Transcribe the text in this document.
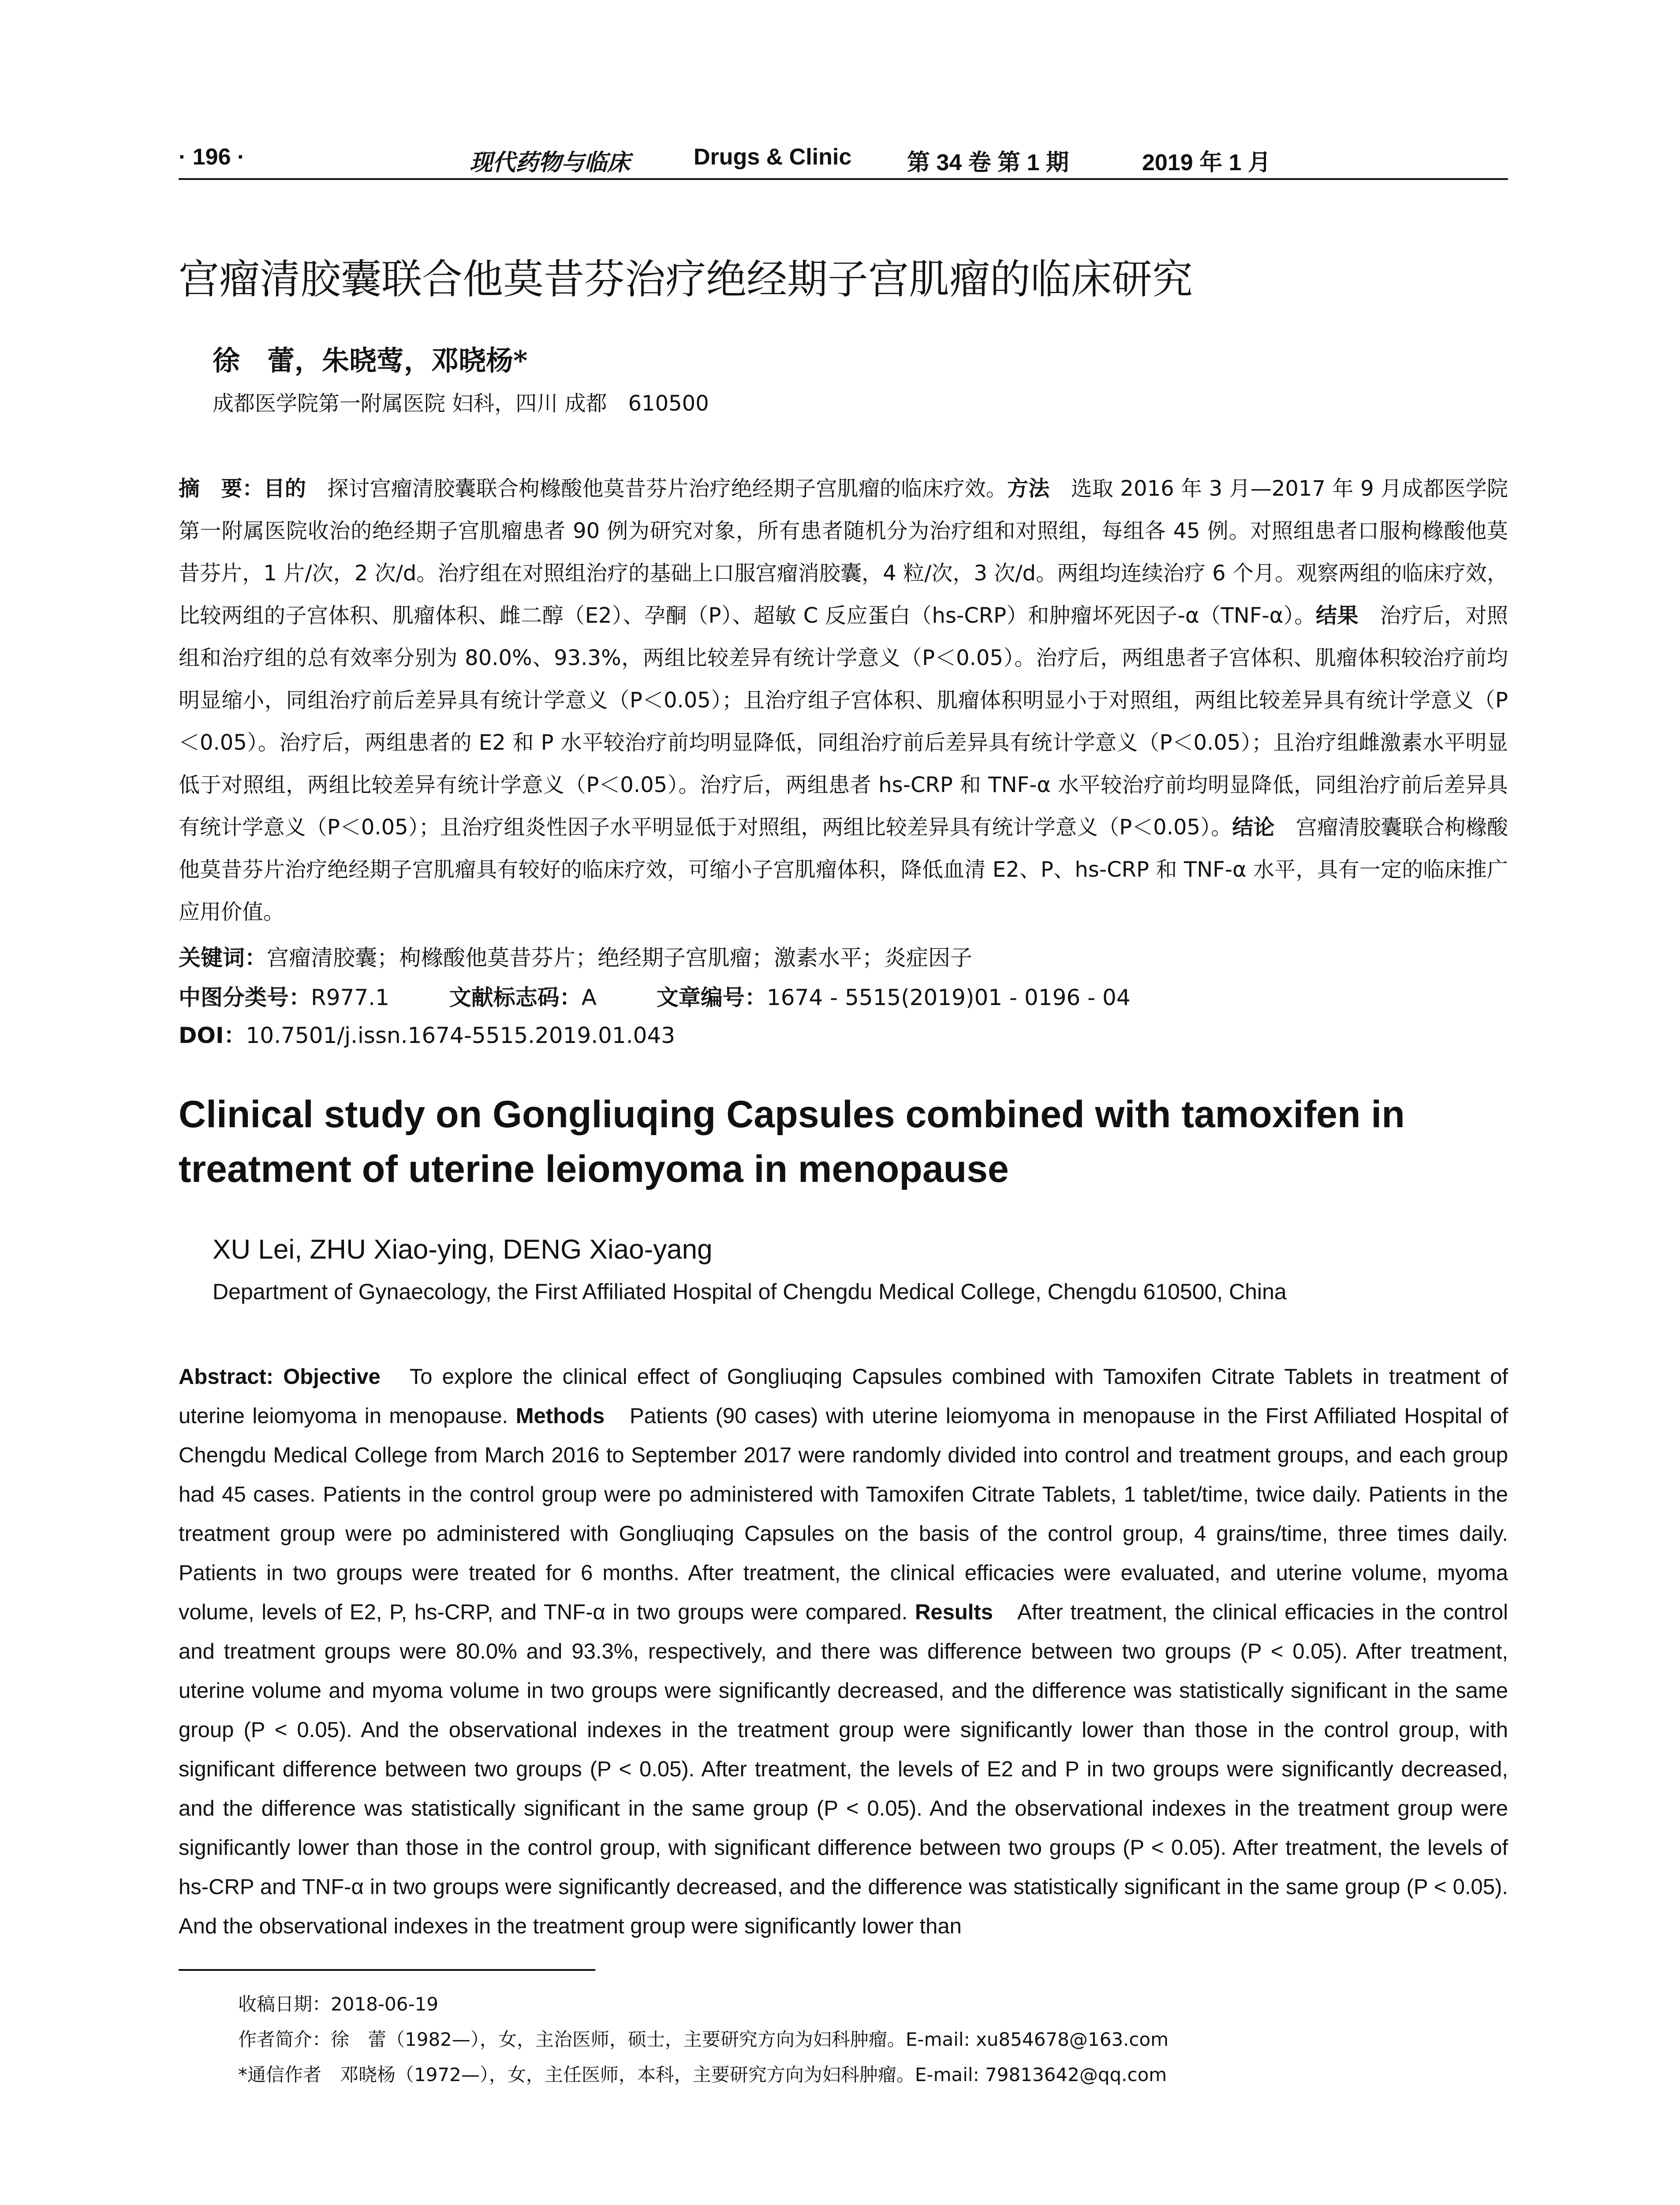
· 196 ·	现代药物与临床	Drugs & Clinic 第 34 卷 第 1 期	2019 年 1 月
宫瘤清胶囊联合他莫昔芬治疗绝经期子宫肌瘤的临床研究
徐　蕾，朱晓莺，邓晓杨*
成都医学院第一附属医院 妇科，四川 成都　610500
摘　要：目的　探讨宫瘤清胶囊联合枸橼酸他莫昔芬片治疗绝经期子宫肌瘤的临床疗效。方法　选取 2016 年 3 月—2017 年 9 月成都医学院第一附属医院收治的绝经期子宫肌瘤患者 90 例为研究对象，所有患者随机分为治疗组和对照组，每组各 45 例。对照组患者口服枸橼酸他莫昔芬片，1 片/次，2 次/d。治疗组在对照组治疗的基础上口服宫瘤消胶囊，4 粒/次，3 次/d。两组均连续治疗 6 个月。观察两组的临床疗效，比较两组的子宫体积、肌瘤体积、雌二醇（E2）、孕酮（P）、超敏 C 反应蛋白（hs-CRP）和肿瘤坏死因子-α（TNF-α）。结果　治疗后，对照组和治疗组的总有效率分别为 80.0%、93.3%，两组比较差异有统计学意义（P＜0.05）。治疗后，两组患者子宫体积、肌瘤体积较治疗前均明显缩小，同组治疗前后差异具有统计学意义（P＜0.05）；且治疗组子宫体积、肌瘤体积明显小于对照组，两组比较差异具有统计学意义（P＜0.05）。治疗后，两组患者的 E2 和 P 水平较治疗前均明显降低，同组治疗前后差异具有统计学意义（P＜0.05）；且治疗组雌激素水平明显低于对照组，两组比较差异有统计学意义（P＜0.05）。治疗后，两组患者 hs-CRP 和 TNF-α 水平较治疗前均明显降低，同组治疗前后差异具有统计学意义（P＜0.05）；且治疗组炎性因子水平明显低于对照组，两组比较差异具有统计学意义（P＜0.05）。结论　宫瘤清胶囊联合枸橼酸他莫昔芬片治疗绝经期子宫肌瘤具有较好的临床疗效，可缩小子宫肌瘤体积，降低血清 E2、P、hs-CRP 和 TNF-α 水平，具有一定的临床推广应用价值。
关键词：宫瘤清胶囊；枸橼酸他莫昔芬片；绝经期子宫肌瘤；激素水平；炎症因子
中图分类号：R977.1	文献标志码：A	文章编号：1674 - 5515(2019)01 - 0196 - 04
DOI：10.7501/j.issn.1674-5515.2019.01.043
Clinical study on Gongliuqing Capsules combined with tamoxifen in treatment of uterine leiomyoma in menopause
XU Lei, ZHU Xiao-ying, DENG Xiao-yang
Department of Gynaecology, the First Affiliated Hospital of Chengdu Medical College, Chengdu 610500, China
Abstract: Objective　To explore the clinical effect of Gongliuqing Capsules combined with Tamoxifen Citrate Tablets in treatment of uterine leiomyoma in menopause. Methods　Patients (90 cases) with uterine leiomyoma in menopause in the First Affiliated Hospital of Chengdu Medical College from March 2016 to September 2017 were randomly divided into control and treatment groups, and each group had 45 cases. Patients in the control group were po administered with Tamoxifen Citrate Tablets, 1 tablet/time, twice daily. Patients in the treatment group were po administered with Gongliuqing Capsules on the basis of the control group, 4 grains/time, three times daily. Patients in two groups were treated for 6 months. After treatment, the clinical efficacies were evaluated, and uterine volume, myoma volume, levels of E2, P, hs-CRP, and TNF-α in two groups were compared. Results　After treatment, the clinical efficacies in the control and treatment groups were 80.0% and 93.3%, respectively, and there was difference between two groups (P < 0.05). After treatment, uterine volume and myoma volume in two groups were significantly decreased, and the difference was statistically significant in the same group (P < 0.05). And the observational indexes in the treatment group were significantly lower than those in the control group, with significant difference between two groups (P < 0.05). After treatment, the levels of E2 and P in two groups were significantly decreased, and the difference was statistically significant in the same group (P < 0.05). And the observational indexes in the treatment group were significantly lower than those in the control group, with significant difference between two groups (P < 0.05). After treatment, the levels of hs-CRP and TNF-α in two groups were significantly decreased, and the difference was statistically significant in the same group (P < 0.05). And the observational indexes in the treatment group were significantly lower than
收稿日期：2018-06-19
作者简介：徐　蕾（1982—），女，主治医师，硕士，主要研究方向为妇科肿瘤。E-mail: xu854678@163.com
*通信作者　邓晓杨（1972—），女，主任医师，本科，主要研究方向为妇科肿瘤。E-mail: 79813642@qq.com
